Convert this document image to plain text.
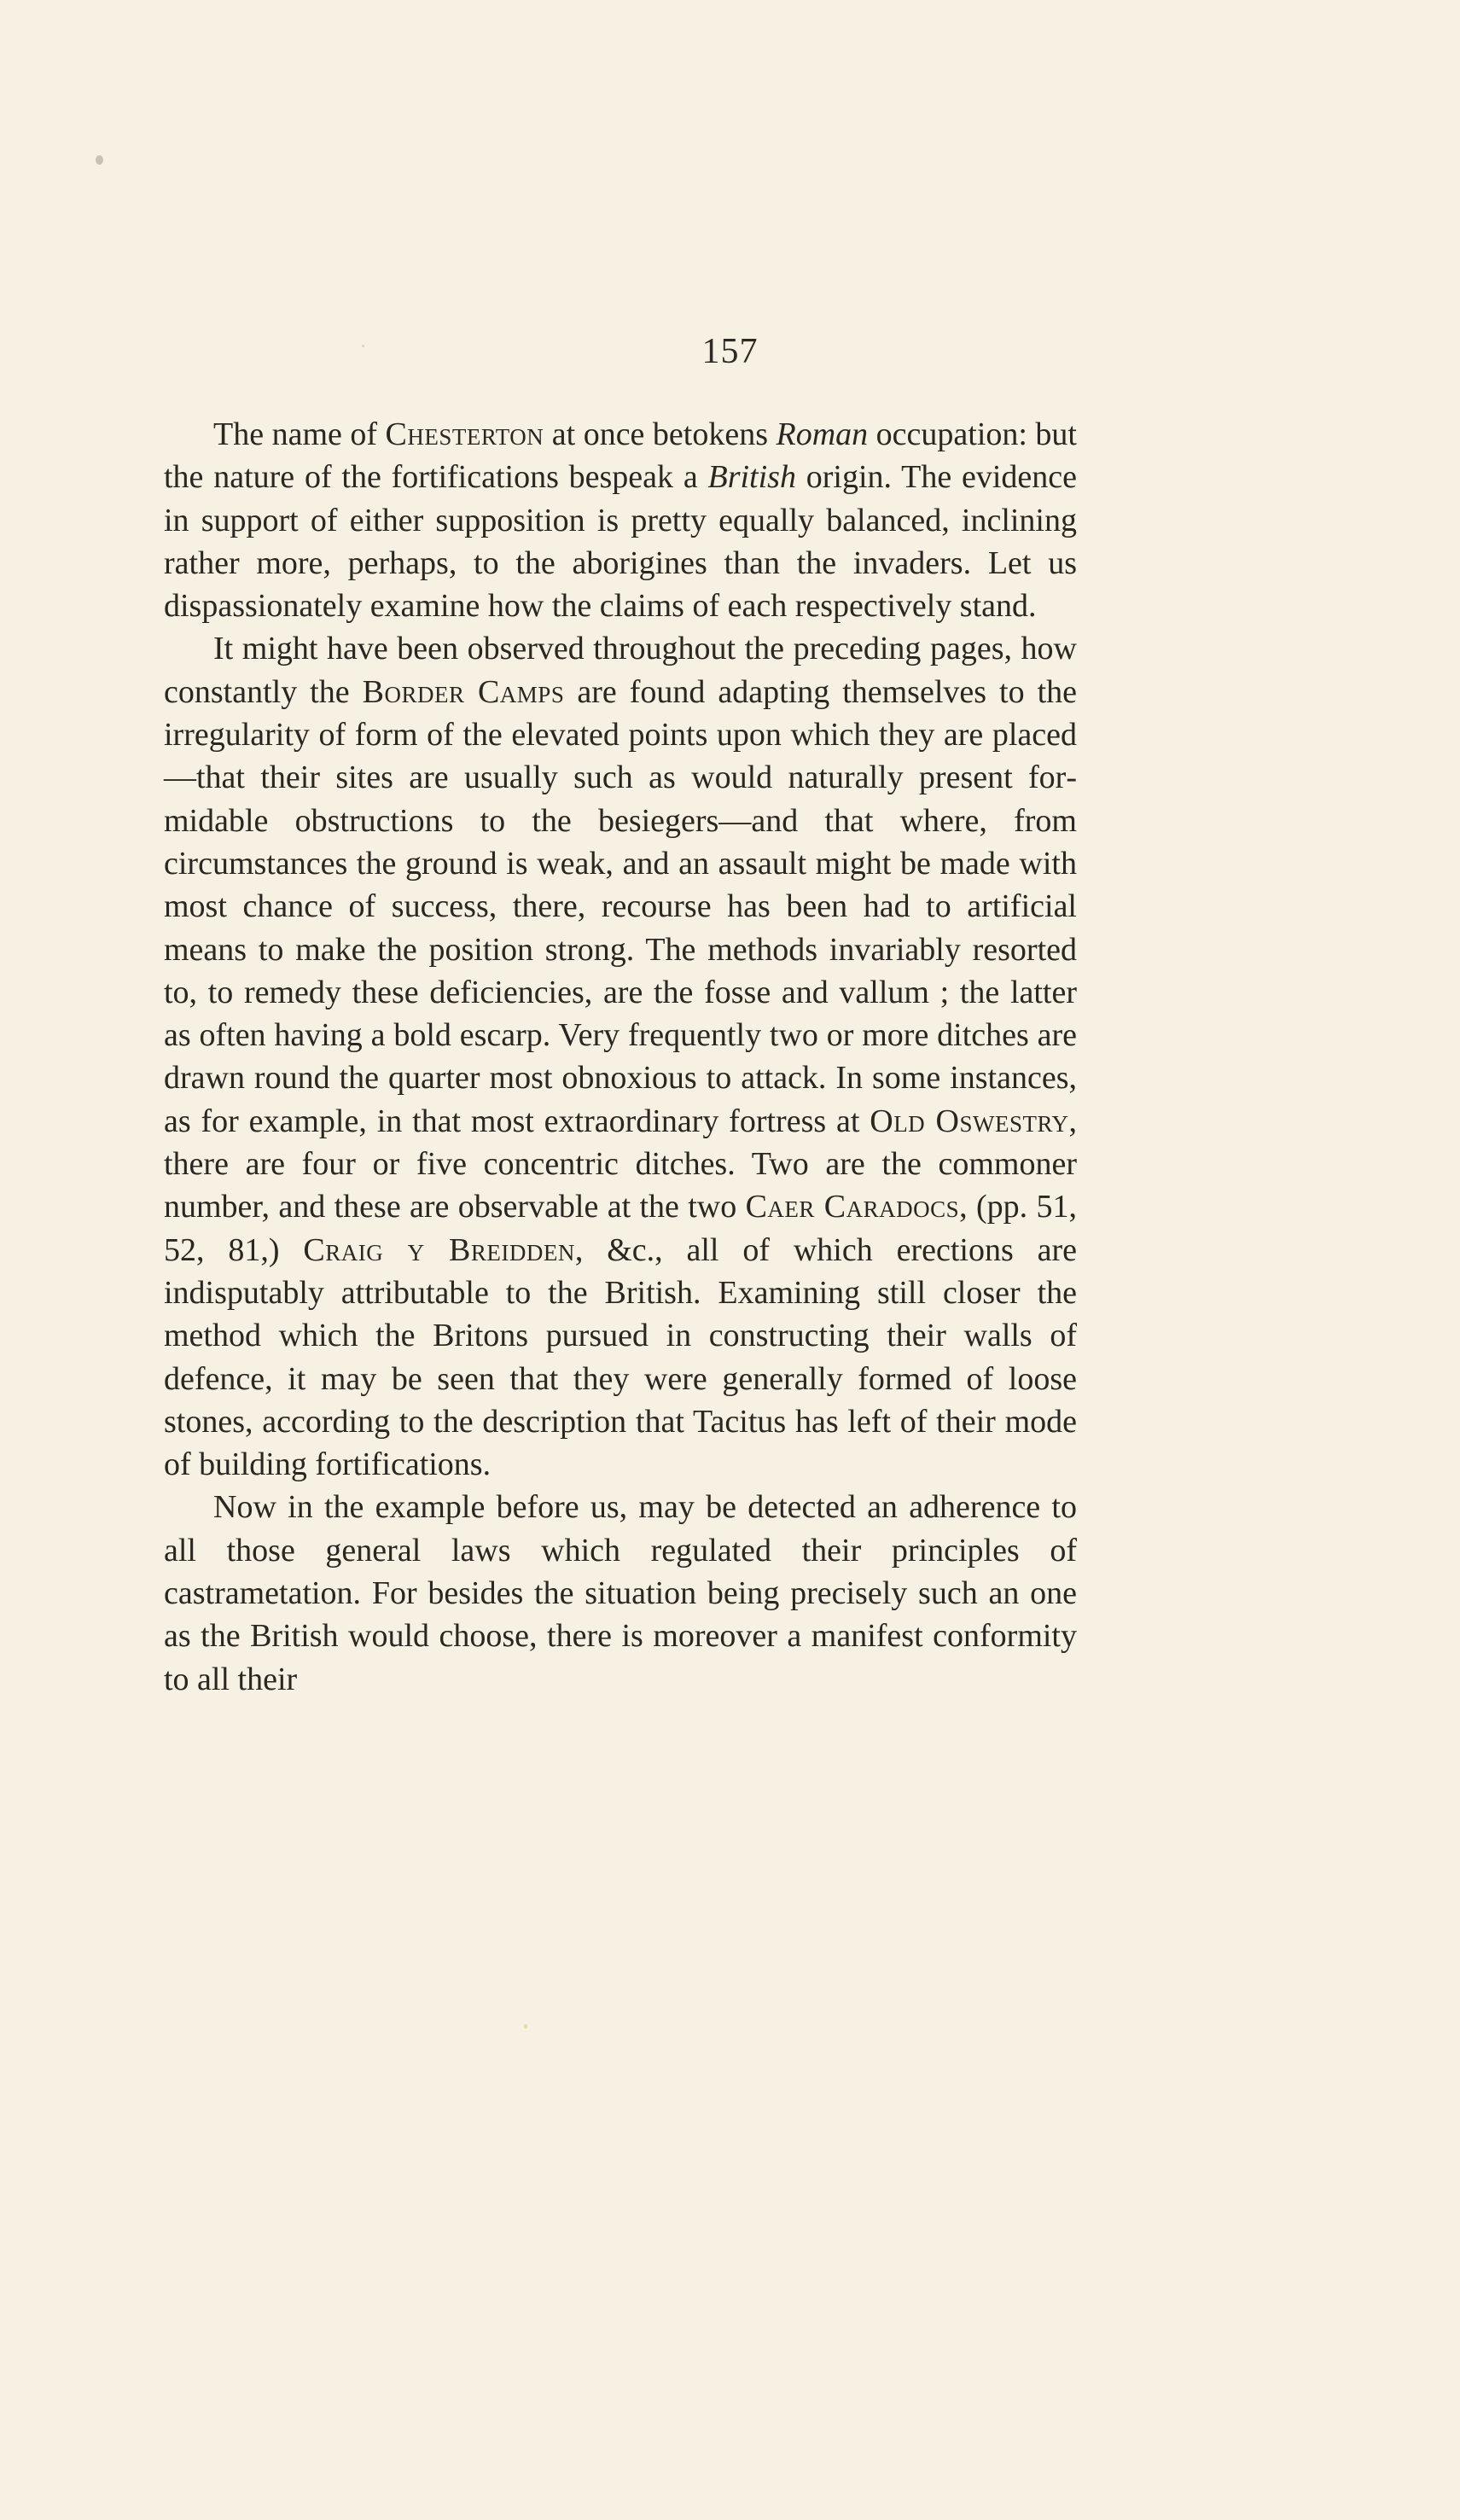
157

The name of Chesterton at once betokens Roman occupation: but the nature of the fortifications bespeak a British origin. The evidence in support of either supposition is pretty equally balanced, inclining rather more, perhaps, to the aborigines than the invaders. Let us dispassionately examine how the claims of each respectively stand.

It might have been observed throughout the preceding pages, how constantly the Border Camps are found adapting themselves to the irregularity of form of the elevated points upon which they are placed—that their sites are usually such as would naturally present formidable obstructions to the besiegers—and that where, from circumstances the ground is weak, and an assault might be made with most chance of success, there, recourse has been had to artificial means to make the position strong. The methods invariably resorted to, to remedy these deficiencies, are the fosse and vallum ; the latter as often having a bold escarp. Very frequently two or more ditches are drawn round the quarter most obnoxious to attack. In some instances, as for example, in that most extraordinary fortress at Old Oswestry, there are four or five concentric ditches. Two are the commoner number, and these are observable at the two Caer Caradocs, (pp. 51, 52, 81,) Craig y Breidden, &c., all of which erections are indisputably attributable to the British. Examining still closer the method which the Britons pursued in constructing their walls of defence, it may be seen that they were generally formed of loose stones, according to the description that Tacitus has left of their mode of building fortifications.

Now in the example before us, may be detected an adherence to all those general laws which regulated their principles of castrametation. For besides the situation being precisely such an one as the British would choose, there is moreover a manifest conformity to all their
